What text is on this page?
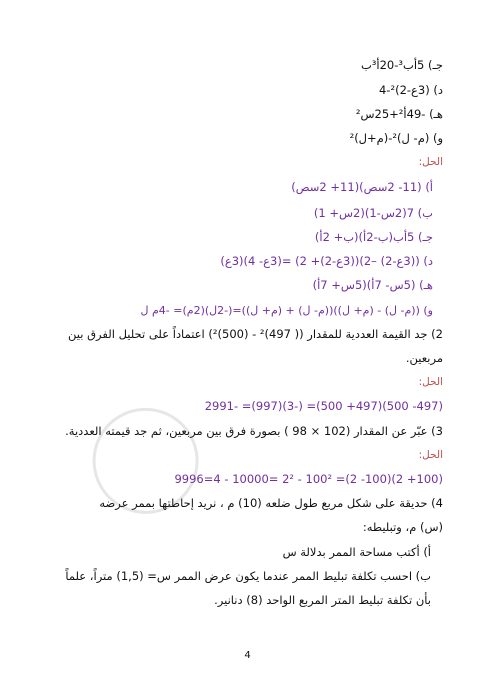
جـ) 5أب³-20أ³ب
د) (3ع-2)²-4
هـ) -49أ²+25س²
و) (م- ل)²-(م+ل)²
الحل:
أ) (11- 2سص)(11+ 2سص)
ب) 7(2س-1)(2س+ 1)
جـ) 5أب(ب-2أ)(ب+ 2أ)
د) ((3ع-2) –2)((3ع-2)+ 2) =(3ع- 4)(3ع)
هـ) (5س- 7أ)(5س+ 7أ)
و) ((م- ل) - (م+ ل))((م- ل) + (م+ ل))=(-2ل)(2م)= -4م ل
2) جد القيمة العددية للمقدار (( 497)² - (500)²) اعتماداً على تحليل الفرق بين
مربعين.
الحل:
(497- 500)(497+ 500)= (-3)(997)= -2991
3) عبّر عن المقدار (102 × 98 ) بصورة فرق بين مربعين، ثم جد قيمته العددية.
الحل:
(100+ 2)(100- 2)= 100² - 2² =10000 - 4=9996
4) حديقة على شكل مربع طول ضلعه (10) م ، نريد إحاطتها بممر عرضه
(س) م، وتبليطه:
أ) أكتب مساحة الممر بدلالة س
ب) احسب تكلفة تبليط الممر عندما يكون عرض الممر س= (1,5) متراً، علماً
بأن تكلفة تبليط المتر المربع الواحد (8) دنانير.
4
